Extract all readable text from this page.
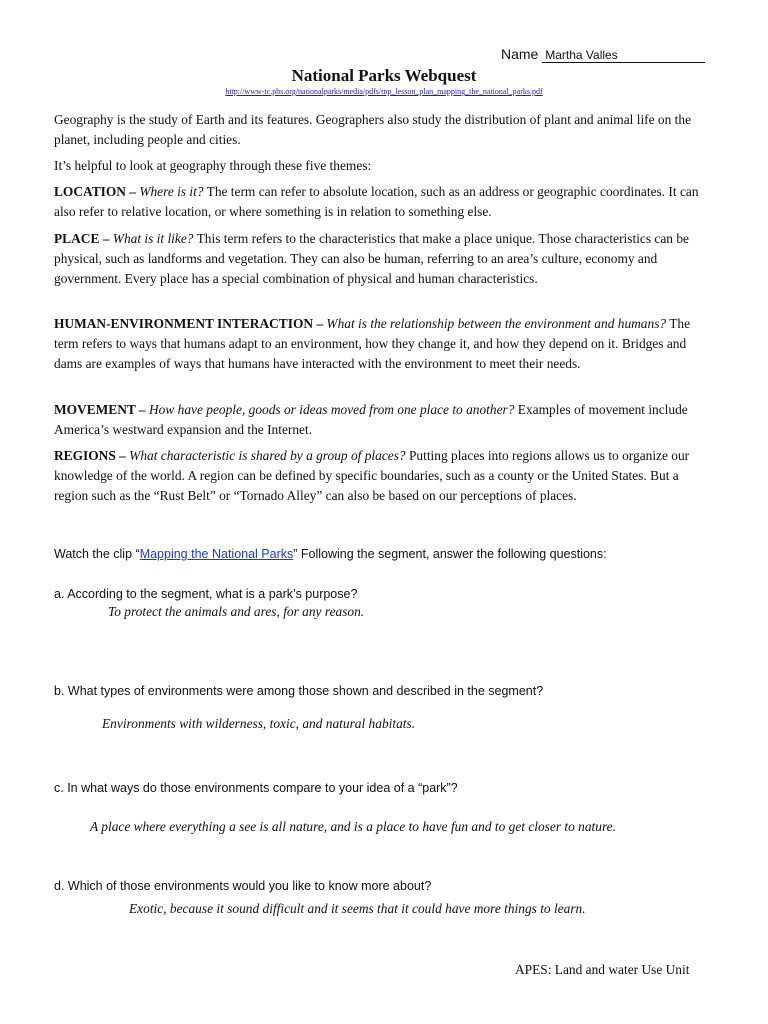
Name Martha Valles
National Parks Webquest
http://www-tc.pbs.org/nationalparks/media/pdfs/tnp_lesson_plan_mapping_the_national_parks.pdf

Geography is the study of Earth and its features. Geographers also study the distribution of plant and animal life on the planet, including people and cities.

It’s helpful to look at geography through these five themes:

LOCATION – Where is it? The term can refer to absolute location, such as an address or geographic coordinates. It can also refer to relative location, or where something is in relation to something else.

PLACE – What is it like? This term refers to the characteristics that make a place unique. Those characteristics can be physical, such as landforms and vegetation. They can also be human, referring to an area’s culture, economy and government. Every place has a special combination of physical and human characteristics.

HUMAN-ENVIRONMENT INTERACTION – What is the relationship between the environment and humans? The term refers to ways that humans adapt to an environment, how they change it, and how they depend on it. Bridges and dams are examples of ways that humans have interacted with the environment to meet their needs.

MOVEMENT – How have people, goods or ideas moved from one place to another? Examples of movement include America’s westward expansion and the Internet.

REGIONS – What characteristic is shared by a group of places? Putting places into regions allows us to organize our knowledge of the world. A region can be defined by specific boundaries, such as a county or the United States. But a region such as the “Rust Belt” or “Tornado Alley” can also be based on our perceptions of places.

Watch the clip “Mapping the National Parks” Following the segment, answer the following questions:

a. According to the segment, what is a park’s purpose?
To protect the animals and ares, for any reason.
b. What types of environments were among those shown and described in the segment?
Environments with wilderness, toxic, and natural habitats.
c. In what ways do those environments compare to your idea of a “park”?
A place where everything a see is all nature, and is a place to have fun and to get closer to nature.
d. Which of those environments would you like to know more about?
Exotic, because it sound difficult and it seems that it could have more things to learn.
APES: Land and water Use Unit
